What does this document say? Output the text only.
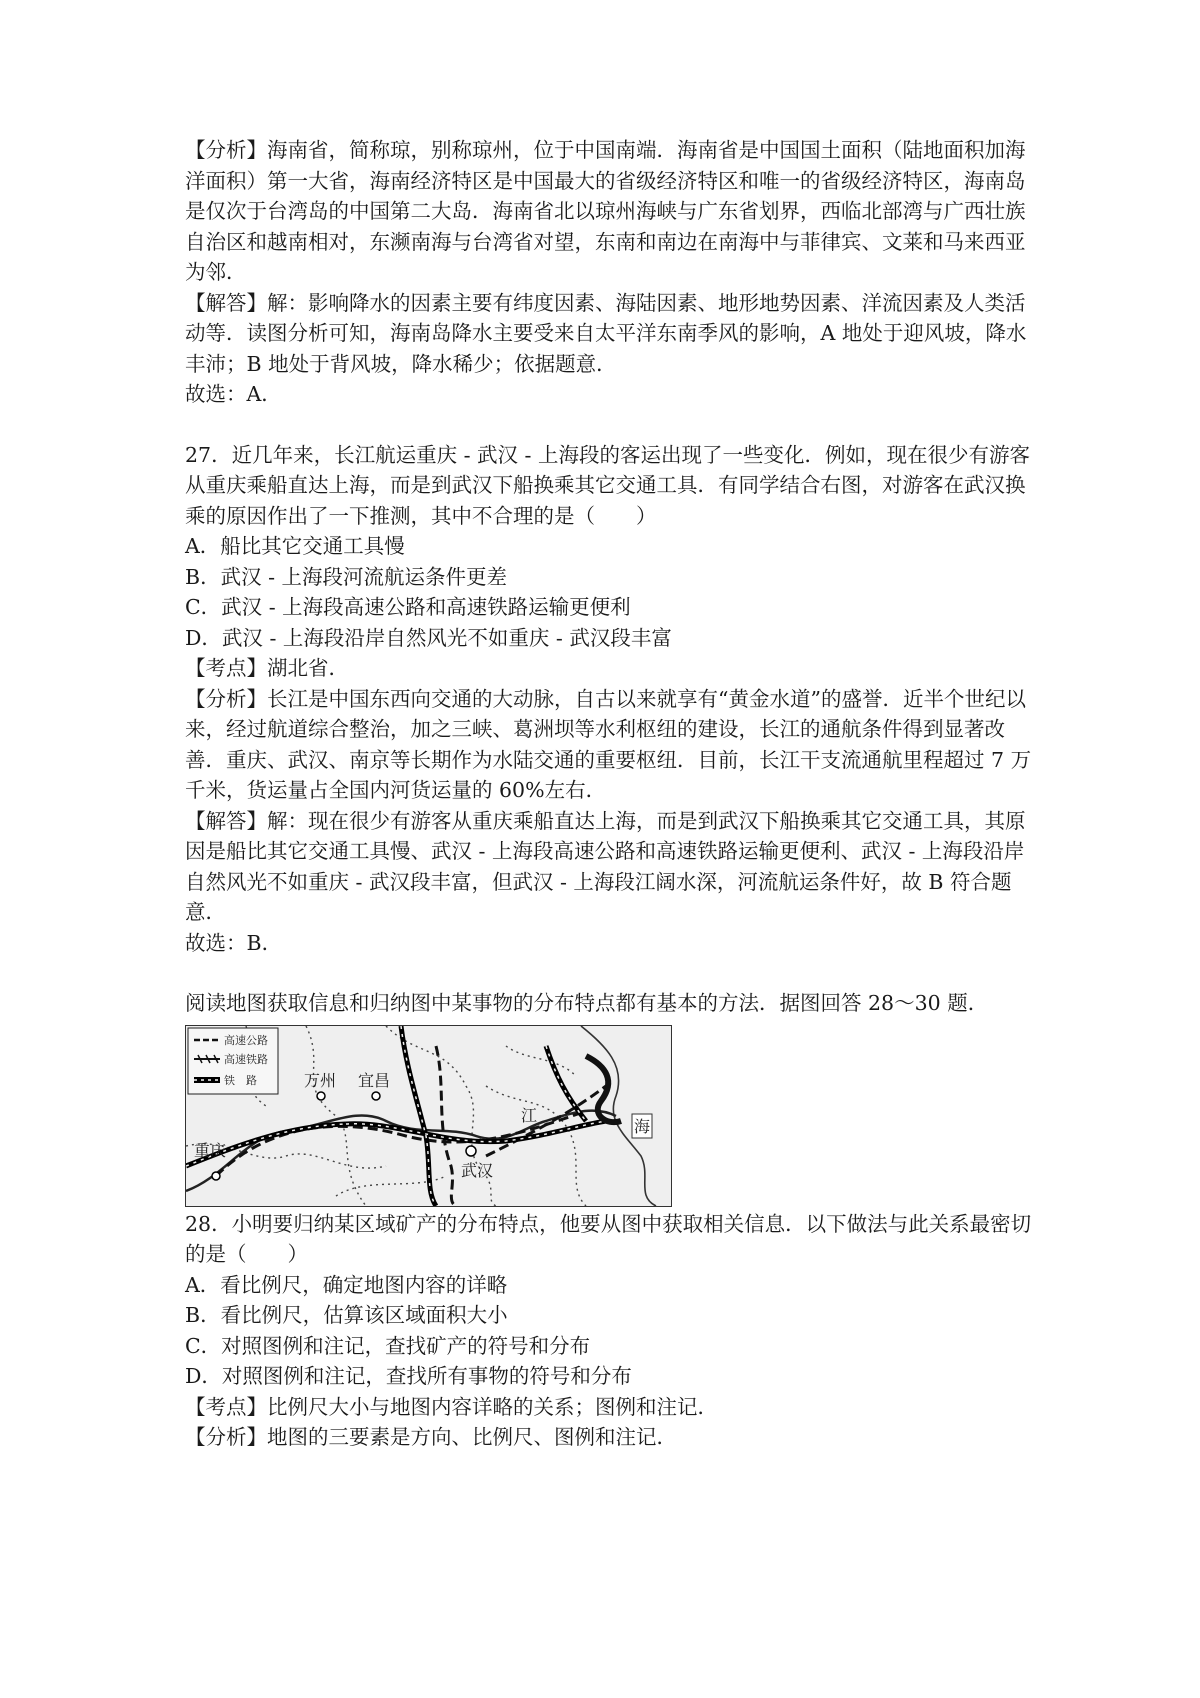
【分析】海南省，简称琼，别称琼州，位于中国南端．海南省是中国国土面积（陆地面积加海洋面积）第一大省，海南经济特区是中国最大的省级经济特区和唯一的省级经济特区，海南岛是仅次于台湾岛的中国第二大岛．海南省北以琼州海峡与广东省划界，西临北部湾与广西壮族自治区和越南相对，东濒南海与台湾省对望，东南和南边在南海中与菲律宾、文莱和马来西亚为邻．

【解答】解：影响降水的因素主要有纬度因素、海陆因素、地形地势因素、洋流因素及人类活动等．读图分析可知，海南岛降水主要受来自太平洋东南季风的影响，A 地处于迎风坡，降水丰沛；B 地处于背风坡，降水稀少；依据题意．

故选：A．

27．近几年来，长江航运重庆 - 武汉 - 上海段的客运出现了一些变化．例如，现在很少有游客从重庆乘船直达上海，而是到武汉下船换乘其它交通工具．有同学结合右图，对游客在武汉换乘的原因作出了一下推测，其中不合理的是（　　）

A．船比其它交通工具慢

B．武汉 - 上海段河流航运条件更差

C．武汉 - 上海段高速公路和高速铁路运输更便利

D．武汉 - 上海段沿岸自然风光不如重庆 - 武汉段丰富

【考点】湖北省．

【分析】长江是中国东西向交通的大动脉，自古以来就享有“黄金水道”的盛誉．近半个世纪以来，经过航道综合整治，加之三峡、葛洲坝等水利枢纽的建设，长江的通航条件得到显著改善．重庆、武汉、南京等长期作为水陆交通的重要枢纽．目前，长江干支流通航里程超过 7 万千米，货运量占全国内河货运量的 60%左右．

【解答】解：现在很少有游客从重庆乘船直达上海，而是到武汉下船换乘其它交通工具，其原因是船比其它交通工具慢、武汉 - 上海段高速公路和高速铁路运输更便利、武汉 - 上海段沿岸自然风光不如重庆 - 武汉段丰富，但武汉 - 上海段江阔水深，河流航运条件好，故 B 符合题意．

故选：B．

阅读地图获取信息和归纳图中某事物的分布特点都有基本的方法．据图回答 28～30 题．

重庆
万州 宜昌
武汉
江
海
高速公路
高速铁路
铁　路

28．小明要归纳某区域矿产的分布特点，他要从图中获取相关信息．以下做法与此关系最密切的是（　　）

A．看比例尺，确定地图内容的详略

B．看比例尺，估算该区域面积大小

C．对照图例和注记，查找矿产的符号和分布

D．对照图例和注记，查找所有事物的符号和分布

【考点】比例尺大小与地图内容详略的关系；图例和注记．

【分析】地图的三要素是方向、比例尺、图例和注记．
